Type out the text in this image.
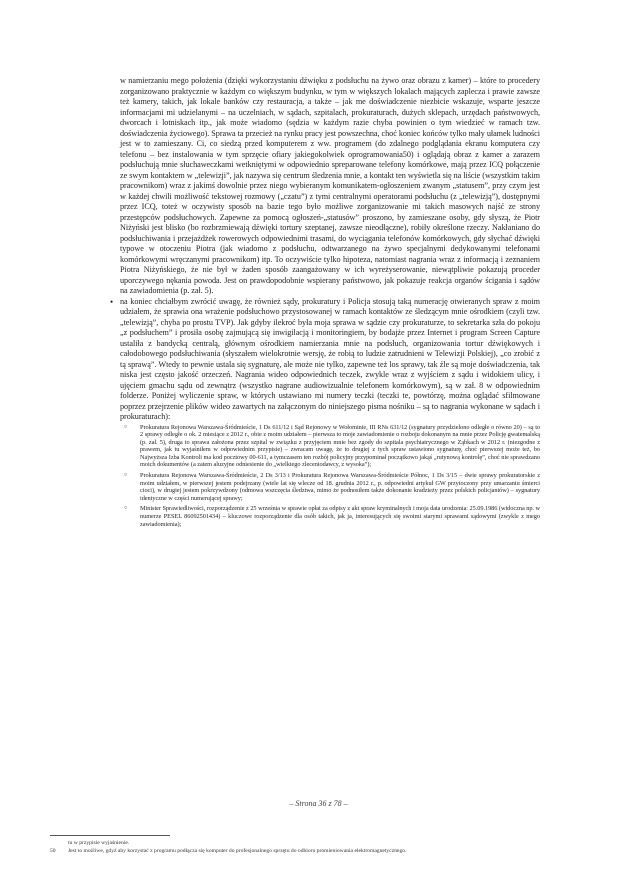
w namierzaniu mego położenia (dzięki wykorzystaniu dźwięku z podsłuchu na żywo oraz obrazu z kamer) – które to procedery zorganizowano praktycznie w każdym co większym budynku, w tym w większych lokalach mających zaplecza i prawie zawsze też kamery, takich, jak lokale banków czy restauracja, a także – jak me doświadczenie niezbicie wskazuje, wsparte jeszcze informacjami mi udzielanymi – na uczelniach, w sądach, szpitalach, prokuraturach, dużych sklepach, urzędach państwowych, dworcach i lotniskach itp., jak może wiadomo (sędzia w każdym razie chyba powinien o tym wiedzieć w ramach tzw. doświadczenia życiowego). Sprawa ta przecież na rynku pracy jest powszechna, choć koniec końców tylko mały ułamek ludności jest w to zamieszany. Ci, co siedzą przed komputerem z ww. programem (do zdalnego podglądania ekranu komputera czy telefonu – bez instalowania w tym sprzęcie ofiary jakiegokolwiek oprogramowania50) i oglądają obraz z kamer a zarazem podsłuchują mnie słuchaweczkami wetkniętymi w odpowiednio spreparowane telefony komórkowe, mają przez ICQ połączenie ze swym kontaktem w „telewizji”, jak nazywa się centrum śledzenia mnie, a kontakt ten wyświetla się na liście (wszystkim takim pracownikom) wraz z jakimś dowolnie przez niego wybieranym komunikatem-ogłoszeniem zwanym „statusem”, przy czym jest w każdej chwili możliwość tekstowej rozmowy („czatu”) z tymi centralnymi operatorami podsłuchu (z „telewizją”), dostępnymi przez ICQ, toteż w oczywisty sposób na bazie tego było możliwe zorganizowanie mi takich masowych najść ze strony przestępców podsłuchowych. Zapewne za pomocą ogłoszeń-„statusów” proszono, by zamieszane osoby, gdy słyszą, że Piotr Niżyński jest blisko (bo rozbrzmiewają dźwięki tortury szeptanej, zawsze nieodłączne), robiły określone rzeczy. Nakłaniano do podsłuchiwania i przejażdżek rowerowych odpowiednimi trasami, do wyciągania telefonów komórkowych, gdy słychać dźwięki typowe w otoczeniu Piotra (jak wiadomo z podsłuchu, odtwarzanego na żywo specjalnymi dedykowanymi telefonami komórkowymi wręczanymi pracownikom) itp. To oczywiście tylko hipoteza, natomiast nagrania wraz z informacją i zeznaniem Piotra Niżyńskiego, że nie był w żaden sposób zaangażowany w ich wyreżyserowanie, niewątpliwie pokazują proceder uporczywego nękania powoda. Jest on prawdopodobnie wspierany państwowo, jak pokazuje reakcja organów ścigania i sądów na zawiadomienia (p. zał. 5).

• na koniec chciałbym zwrócić uwagę, że również sądy, prokuratury i Policja stosują taką numerację otwieranych spraw z moim udziałem, że sprawia ona wrażenie podsłuchowo przystosowanej w ramach kontaktów ze śledzącym mnie ośrodkiem (czyli tzw. „telewizją”, chyba po prostu TVP). Jak gdyby ilekroć była moja sprawa w sądzie czy prokuraturze, to sekretarka szła do pokoju „z podsłuchem” i prosiła osobę zajmującą się inwigilacją i monitoringiem, by bodajże przez Internet i program Screen Capture ustaliła z bandycką centralą, głównym ośrodkiem namierzania mnie na podsłuch, organizowania tortur dźwiękowych i całodobowego podsłuchiwania (słyszałem wielokrotnie wersję, że robią to ludzie zatrudnieni w Telewizji Polskiej), „co zrobić z tą sprawą”. Wtedy to pewnie ustala się sygnaturę, ale może nie tylko, zapewne też los sprawy, tak źle są moje doświadczenia, tak niska jest często jakość orzeczeń. Nagrania wideo odpowiednich teczek, zwykle wraz z wyjściem z sądu i widokiem ulicy, i ujęciem gmachu sądu od zewnątrz (wszystko nagrane audiowizualnie telefonem komórkowym), są w zał. 8 w odpowiednim folderze. Poniżej wyliczenie spraw, w których ustawiano mi numery teczki (teczki te, powtórzę, można oglądać sfilmowane poprzez przejrzenie plików wideo zawartych na załączonym do niniejszego pisma nośniku – są to nagrania wykonane w sądach i prokuraturach):

○ Prokuratura Rejonowa Warszawa-Śródmieście, 1 Ds 611/12 i Sąd Rejonowy w Wołominie, III RNs 631/12 (sygnatury przydzielono odległe o równo 20) – są to 2 sprawy odległe o ok. 2 miesiące z 2012 r., obie z moim udziałem – pierwsza to moje zawiadomienie o rozboju dokonanym na mnie przez Policję gwatemalską (p. zał. 5), druga to sprawa założona przez szpital w związku z przyjęciem mnie bez zgody do szpitala psychiatrycznego w Ząbkach w 2012 r. (niezgodne z prawem, jak tu wyjaśniłem w odpowiednim przypisie) – zwracam uwagę, że to drugiej z tych spraw ustawiono sygnaturę, choć pierwszej może też, bo Najwyższa Izba Kontroli ma kod pocztowy 00-611, a tymczasem ten rozbój policyjny przypominał początkowo jakąś „rutynową kontrolę”, choć nie sprawdzano moich dokumentów (a zatem aluzyjne odniesienie do „wielkiego zleceniodawcy, z wysoka”);
○ Prokuratura Rejonowa Warszawa-Śródmieście, 2 Ds 3/13 i Prokuratura Rejonowa Warszawa-Śródmieście Północ, 1 Ds 3/15 – dwie sprawy prokuratorskie z moim udziałem, w pierwszej jestem podejrzany (wiele lat się wlecze od 18. grudnia 2012 r., p. odpowiedni artykuł GW przytoczony przy umarzaniu śmierci cioci), w drugiej jestem pokrzywdzony (odmowa wszczęcia śledztwa, mimo że podnosiłem także dokonanie kradzieży przez polskich policjantów) – sygnatury identyczne w części numerującej sprawy;
○ Minister Sprawiedliwości, rozporządzenie z 25 września w sprawie opłat za odpisy z akt spraw kryminalnych i moja data urodzenia: 25.09.1986 (widoczna np. w numerze PESEL 86092501434) – kluczowe rozporządzenie dla osób takich, jak ja, interesujących się swoimi starymi sprawami sądowymi (zwykle z mego zawiadomienia);
– Strona 36 z 78 –
tu w przypisie wyjaśnienie.
50 Jest to możliwe, gdyż aby korzystać z programu podłącza się komputer do profesjonalnego sprzętu do odbioru promieniowania elektromagnetycznego.
